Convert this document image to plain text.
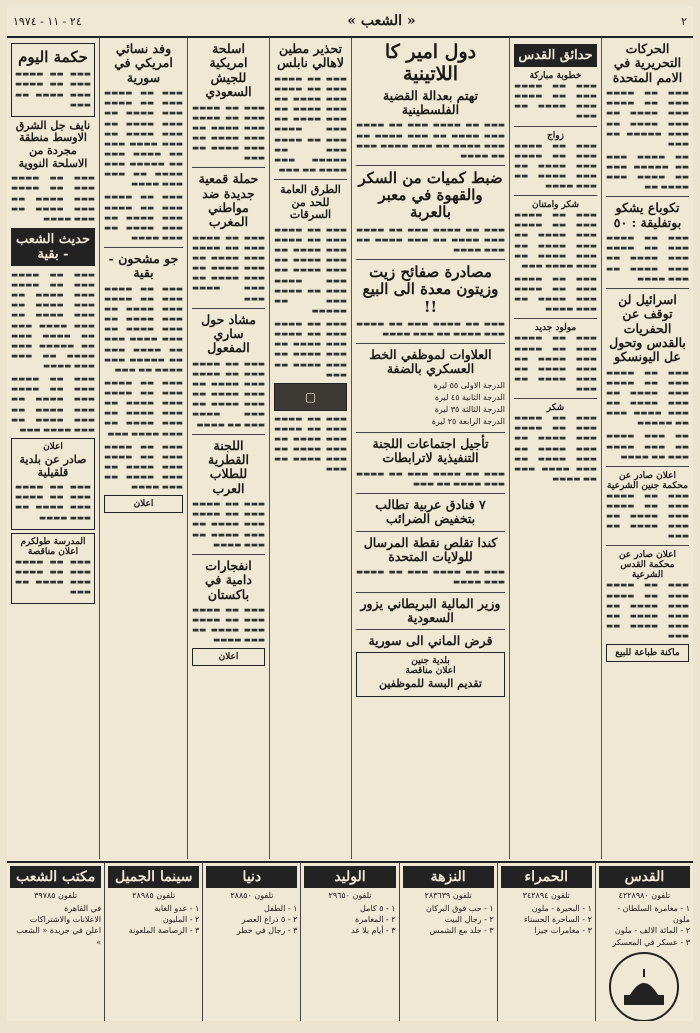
٢
« الشعب »
٢٤ - ١١ - ١٩٧٤
الحركات التحريرية في الامم المتحدة

▬▬▬ ▬▬ ▬▬▬▬ ▬▬▬ ▬▬ ▬▬▬▬ ▬▬▬ ▬▬▬▬ ▬▬ ▬▬▬ ▬▬▬▬ ▬▬ ▬▬▬ ▬▬▬▬▬ ▬▬ ▬▬▬

▬▬ ▬▬▬▬ ▬▬▬ ▬▬ ▬▬▬▬▬ ▬▬▬ ▬▬ ▬▬▬▬ ▬▬▬ ▬▬▬▬ ▬▬

تكوباع يشكو بوتفليقة : ٥٠

▬▬▬ ▬▬ ▬▬▬▬ ▬▬▬ ▬▬ ▬▬▬▬ ▬▬▬ ▬▬▬▬ ▬▬ ▬▬▬ ▬▬▬▬ ▬▬ ▬▬▬ ▬▬▬▬

اسرائيل لن توقف عن الحفريات بالقدس وتحول عل اليونسكو

▬▬▬ ▬▬ ▬▬▬▬ ▬▬▬ ▬▬ ▬▬▬▬ ▬▬▬ ▬▬▬▬ ▬▬ ▬▬▬ ▬▬▬▬ ▬▬ ▬▬▬ ▬▬▬▬ ▬▬▬ ▬▬ ▬▬▬▬▬

▬▬ ▬▬▬ ▬▬▬▬ ▬▬ ▬▬▬ ▬▬▬▬ ▬▬▬ ▬▬ ▬▬▬▬

اعلان صادر عن محكمة جنين الشرعية

▬▬▬ ▬▬ ▬▬▬▬ ▬▬▬ ▬▬ ▬▬▬▬ ▬▬▬ ▬▬▬▬ ▬▬ ▬▬▬ ▬▬▬▬ ▬▬ ▬▬▬

اعلان صادر عن محكمة القدس الشرعية

▬▬▬ ▬▬ ▬▬▬▬ ▬▬▬ ▬▬ ▬▬▬▬ ▬▬▬ ▬▬▬▬ ▬▬ ▬▬▬ ▬▬▬▬ ▬▬ ▬▬▬ ▬▬▬▬ ▬▬ ▬▬▬

ماكنة طباعة للبيع
حدائق القدس
خطوبة مباركة

▬▬▬ ▬▬ ▬▬▬▬ ▬▬▬ ▬▬ ▬▬▬▬ ▬▬▬ ▬▬▬▬ ▬▬ ▬▬▬

زواج

▬▬▬ ▬▬ ▬▬▬▬ ▬▬▬ ▬▬ ▬▬▬▬ ▬▬▬ ▬▬▬▬ ▬▬ ▬▬▬ ▬▬▬▬ ▬▬ ▬▬▬ ▬▬▬▬

شكر وامتنان

▬▬▬ ▬▬ ▬▬▬▬ ▬▬▬ ▬▬ ▬▬▬▬ ▬▬▬ ▬▬▬▬ ▬▬ ▬▬▬ ▬▬▬▬ ▬▬ ▬▬▬ ▬▬▬▬ ▬▬ ▬▬▬ ▬▬▬▬ ▬▬▬

▬▬▬ ▬▬ ▬▬▬▬ ▬▬▬ ▬▬ ▬▬▬▬ ▬▬▬ ▬▬▬▬ ▬▬ ▬▬▬ ▬▬▬▬

مولود جديد

▬▬▬ ▬▬ ▬▬▬▬ ▬▬▬ ▬▬ ▬▬▬▬ ▬▬▬ ▬▬▬▬ ▬▬ ▬▬▬ ▬▬▬▬ ▬▬ ▬▬▬ ▬▬▬▬ ▬▬ ▬▬▬

شكر

▬▬▬ ▬▬ ▬▬▬▬ ▬▬▬ ▬▬ ▬▬▬▬ ▬▬▬ ▬▬▬▬ ▬▬ ▬▬▬ ▬▬▬▬ ▬▬ ▬▬▬ ▬▬▬▬ ▬▬ ▬▬▬ ▬▬▬▬ ▬▬▬ ▬▬ ▬▬▬▬

دول امير كا اللاتينية
تهتم بعدالة القضية الفلسطينية

▬▬▬ ▬▬ ▬▬▬▬ ▬▬▬ ▬▬ ▬▬▬▬ ▬▬▬ ▬▬▬▬ ▬▬ ▬▬▬ ▬▬▬▬ ▬▬ ▬▬▬ ▬▬▬▬ ▬▬ ▬▬▬ ▬▬▬▬ ▬▬▬ ▬▬ ▬▬▬▬

ضبط كميات من السكر والقهوة في معبر بالعربة

▬▬▬ ▬▬ ▬▬▬▬ ▬▬▬ ▬▬ ▬▬▬▬ ▬▬▬ ▬▬▬▬ ▬▬ ▬▬▬ ▬▬▬▬ ▬▬ ▬▬▬ ▬▬▬▬

مصادرة صفائح زيت وزيتون معدة الى البيع !!

▬▬▬ ▬▬ ▬▬▬▬ ▬▬▬ ▬▬ ▬▬▬▬ ▬▬▬ ▬▬▬▬ ▬▬ ▬▬▬ ▬▬▬▬

العلاوات لموظفي الخط العسكري بالضفة
الدرجة الاولى ٥٥ ليرة
الدرجة الثانية ٤٥ ليرة
الدرجة الثالثة ٣٥ ليرة
الدرجة الرابعة ٢٥ ليرة
تأجيل اجتماعات اللجنة التنفيذية لاترابطات

▬▬▬ ▬▬ ▬▬▬▬ ▬▬▬ ▬▬ ▬▬▬▬ ▬▬▬ ▬▬▬▬ ▬▬ ▬▬▬

٧ فنادق عربية تطالب بتخفيض الضرائب
كندا تقلص نقطة المرسال للولايات المتحدة

▬▬▬ ▬▬ ▬▬▬▬ ▬▬▬ ▬▬ ▬▬▬▬ ▬▬▬ ▬▬▬▬

وزير المالية البريطاني يزور السعودية
قرض الماني الى سورية
بلدية جنين
اعلان مناقصة
تقديم البسة للموظفين
تحذير مطين لاهالي نابلس

▬▬▬ ▬▬ ▬▬▬▬ ▬▬▬ ▬▬ ▬▬▬▬ ▬▬▬ ▬▬▬▬ ▬▬ ▬▬▬ ▬▬▬▬ ▬▬ ▬▬▬ ▬▬▬▬ ▬▬ ▬▬▬ ▬▬▬▬ ▬▬▬ ▬▬ ▬▬▬▬ ▬▬▬ ▬▬ ▬▬▬▬▬ ▬▬▬ ▬▬▬▬ ▬▬ ▬▬▬

الطرق العامة للحد من السرقات

▬▬▬ ▬▬ ▬▬▬▬ ▬▬▬ ▬▬ ▬▬▬▬ ▬▬▬ ▬▬▬▬ ▬▬ ▬▬▬ ▬▬▬▬ ▬▬ ▬▬▬ ▬▬▬▬ ▬▬ ▬▬▬ ▬▬▬▬ ▬▬▬ ▬▬ ▬▬▬▬ ▬▬▬ ▬▬ ▬▬▬▬▬

▬▬▬ ▬▬ ▬▬▬▬ ▬▬▬ ▬▬ ▬▬▬▬ ▬▬▬ ▬▬▬▬ ▬▬ ▬▬▬ ▬▬▬▬ ▬▬ ▬▬▬ ▬▬▬▬ ▬▬ ▬▬▬

▢

▬▬▬ ▬▬ ▬▬▬▬ ▬▬▬ ▬▬ ▬▬▬▬ ▬▬▬ ▬▬▬▬ ▬▬ ▬▬▬ ▬▬▬▬ ▬▬ ▬▬▬ ▬▬▬▬ ▬▬ ▬▬▬

اسلحة امريكية للجيش السعودي

▬▬▬ ▬▬ ▬▬▬▬ ▬▬▬ ▬▬ ▬▬▬▬ ▬▬▬ ▬▬▬▬ ▬▬ ▬▬▬ ▬▬▬▬ ▬▬ ▬▬▬ ▬▬▬▬ ▬▬ ▬▬▬

حملة قمعية جديدة ضد مواطني المغرب

▬▬▬ ▬▬ ▬▬▬▬ ▬▬▬ ▬▬ ▬▬▬▬ ▬▬▬ ▬▬▬▬ ▬▬ ▬▬▬ ▬▬▬▬ ▬▬ ▬▬▬ ▬▬▬▬ ▬▬ ▬▬▬ ▬▬▬▬ ▬▬▬

مشاد حول ساري المفعول

▬▬▬ ▬▬ ▬▬▬▬ ▬▬▬ ▬▬ ▬▬▬▬ ▬▬▬ ▬▬▬▬ ▬▬ ▬▬▬ ▬▬▬▬ ▬▬ ▬▬▬ ▬▬▬▬ ▬▬ ▬▬▬ ▬▬▬▬ ▬▬▬ ▬▬ ▬▬▬▬

اللجنة القطرية للطلاب العرب

▬▬▬ ▬▬ ▬▬▬▬ ▬▬▬ ▬▬ ▬▬▬▬ ▬▬▬ ▬▬▬▬ ▬▬ ▬▬▬ ▬▬▬▬ ▬▬ ▬▬▬ ▬▬▬▬

انفجارات دامية في باكستان

▬▬▬ ▬▬ ▬▬▬▬ ▬▬▬ ▬▬ ▬▬▬▬ ▬▬▬ ▬▬▬▬ ▬▬ ▬▬▬ ▬▬▬▬

اعلان
وفد نسائي امريكي في سورية

▬▬▬ ▬▬ ▬▬▬▬ ▬▬▬ ▬▬ ▬▬▬▬ ▬▬▬ ▬▬▬▬ ▬▬ ▬▬▬ ▬▬▬▬ ▬▬ ▬▬▬ ▬▬▬▬ ▬▬ ▬▬▬ ▬▬▬▬ ▬▬▬ ▬▬ ▬▬▬▬ ▬▬▬ ▬▬ ▬▬▬▬▬ ▬▬▬ ▬▬▬▬ ▬▬ ▬▬▬ ▬▬▬ ▬▬▬▬

▬▬▬ ▬▬ ▬▬▬▬ ▬▬▬ ▬▬ ▬▬▬▬ ▬▬▬ ▬▬▬▬ ▬▬ ▬▬▬ ▬▬▬▬ ▬▬ ▬▬▬ ▬▬▬▬

جو مشحون - بقية

▬▬▬ ▬▬ ▬▬▬▬ ▬▬▬ ▬▬ ▬▬▬▬ ▬▬▬ ▬▬▬▬ ▬▬ ▬▬▬ ▬▬▬▬ ▬▬ ▬▬▬ ▬▬▬▬ ▬▬ ▬▬▬ ▬▬▬▬ ▬▬▬ ▬▬ ▬▬▬▬ ▬▬▬ ▬▬ ▬▬▬▬▬ ▬▬▬ ▬▬▬▬ ▬▬ ▬▬▬

▬▬▬ ▬▬ ▬▬▬▬ ▬▬▬ ▬▬ ▬▬▬▬ ▬▬▬ ▬▬▬▬ ▬▬ ▬▬▬ ▬▬▬▬ ▬▬ ▬▬▬ ▬▬▬▬ ▬▬ ▬▬▬ ▬▬▬▬ ▬▬▬

▬▬▬ ▬▬ ▬▬▬▬ ▬▬▬ ▬▬ ▬▬▬▬ ▬▬▬ ▬▬▬▬ ▬▬ ▬▬▬ ▬▬▬▬ ▬▬ ▬▬▬ ▬▬▬▬

اعلان
حكمة اليوم

▬▬▬ ▬▬ ▬▬▬▬ ▬▬▬ ▬▬ ▬▬▬▬ ▬▬▬ ▬▬▬▬ ▬▬ ▬▬▬

نايف جل الشرق الاوسط منطقة مجردة من الاسلحة النووية

▬▬▬ ▬▬ ▬▬▬▬ ▬▬▬ ▬▬ ▬▬▬▬ ▬▬▬ ▬▬▬▬ ▬▬ ▬▬▬ ▬▬▬▬ ▬▬ ▬▬▬ ▬▬▬▬

حديث الشعب - بقية

▬▬▬ ▬▬ ▬▬▬▬ ▬▬▬ ▬▬ ▬▬▬▬ ▬▬▬ ▬▬▬▬ ▬▬ ▬▬▬ ▬▬▬▬ ▬▬ ▬▬▬ ▬▬▬▬ ▬▬ ▬▬▬ ▬▬▬▬ ▬▬▬ ▬▬ ▬▬▬▬ ▬▬▬ ▬▬ ▬▬▬▬▬ ▬▬▬ ▬▬▬▬ ▬▬ ▬▬▬ ▬▬▬ ▬▬▬▬

▬▬▬ ▬▬ ▬▬▬▬ ▬▬▬ ▬▬ ▬▬▬▬ ▬▬▬ ▬▬▬▬ ▬▬ ▬▬▬ ▬▬▬▬ ▬▬ ▬▬▬ ▬▬▬▬ ▬▬ ▬▬▬ ▬▬▬▬ ▬▬▬

اعلان
صادر عن بلدية قلقيلية

▬▬▬ ▬▬ ▬▬▬▬ ▬▬▬ ▬▬ ▬▬▬▬ ▬▬▬ ▬▬▬▬ ▬▬ ▬▬▬ ▬▬▬▬

المدرسة طولكرم
اعلان مناقصة

▬▬▬ ▬▬ ▬▬▬▬ ▬▬▬ ▬▬ ▬▬▬▬ ▬▬▬ ▬▬▬▬ ▬▬ ▬▬▬

القدس
تلفون ٤٢٢٨٩٨٠
١ - مغامرة السلطان - ملون
٢ - المائة الالف - ملون
٣ - عسكر في المعسكر
الحمراء
تلفون ٣٤٢٨٩٤
١ - البحيرة - ملون
٢ - الساحرة الحسناء
٣ - مغامرات جيزا
النزهة
تلفون ٢٨٣٦٣٩
١ - حب فوق البركان
٢ - رجال البيت
٣ - جلد مع الشمس
الوليد
تلفون ٢٩٦٥٠
١ - ٥ كامل
٢ - المغامرة
٣ - أيام بلا غد
دنيا
تلفون ٢٨٨٥٠
١ - الطفل
٢ - ٥ ذراع العصر
٣ - رجال في خطر
سينما الجميل
تلفون ٢٨٩٨٥
١ - عدو الغابة
٢ - المليون
٣ - الرصاصة الملعونة
مكتب الشعب
تلفون ٣٩٧٨٥
في القاهرة
الاعلانات والاشتراكات
اعلن في جريدة « الشعب »
